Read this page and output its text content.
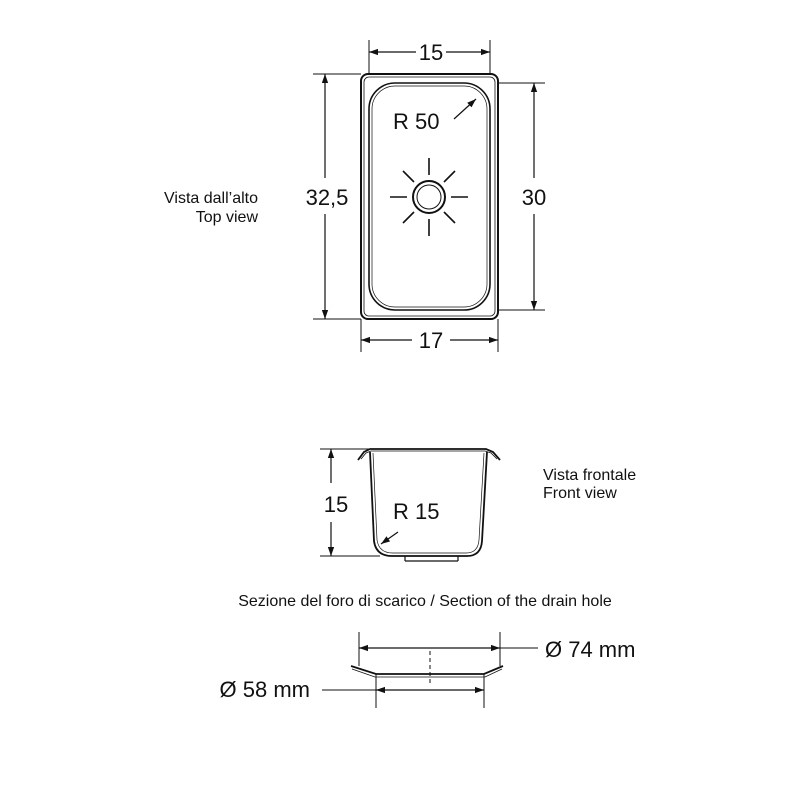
15
17
32,5	30
R 50
Vista dall’alto
Top view
15 R 15
Vista frontale
Front view
Sezione del foro di scarico / Section of the drain hole
Ø 74 mm
Ø 58 mm
